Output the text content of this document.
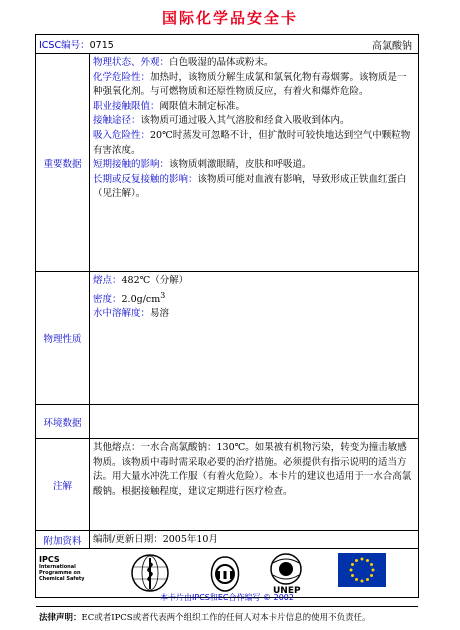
国际化学品安全卡
ICSC编号：0715	高氯酸钠
重要数据

物理状态、外观：白色吸湿的晶体或粉末。

化学危险性：加热时，该物质分解生成氯和氯氧化物有毒烟雾。该物质是一种强氧化剂。与可燃物质和还原性物质反应，有着火和爆炸危险。

职业接触限值：阈限值未制定标准。

接触途径：该物质可通过吸入其气溶胶和经食入吸收到体内。

吸入危险性：20℃时蒸发可忽略不计，但扩散时可较快地达到空气中颗粒物有害浓度。

短期接触的影响：该物质刺激眼睛，皮肤和呼吸道。

长期或反复接触的影响：该物质可能对血液有影响，导致形成正铁血红蛋白（见注解）。

物理性质

熔点：482℃（分解）

密度：$2.0g/cm^3$

水中溶解度：易溶

环境数据
注解
其他熔点：一水合高氯酸钠：130℃。如果被有机物污染，转变为撞击敏感物质。该物质中毒时需采取必要的治疗措施。必须提供有指示说明的适当方法。用大量水冲洗工作服（有着火危险）。本卡片的建议也适用于一水合高氯酸钠。根据接触程度，建议定期进行医疗检查。
附加资料	编制/更新日期：2005年10月
IPCS
International
Programme on
Chemical Safety
UNEP
本卡片由IPCS和EC合作编写 © 2002
法律声明：EC或者IPCS或者代表两个组织工作的任何人对本卡片信息的使用不负责任。
